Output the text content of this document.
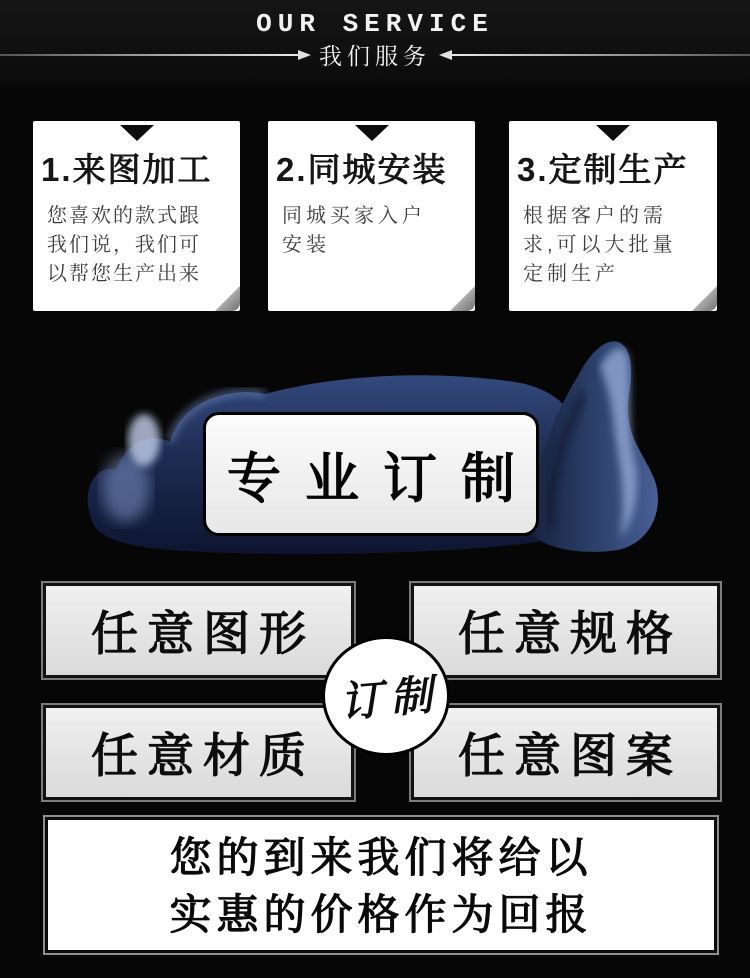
OUR SERVICE
我们服务
1.来图加工
您喜欢的款式跟我们说，我们可以帮您生产出来
2.同城安装
同城买家入户安装
3.定制生产
根据客户的需求,可以大批量定制生产
专业订制
任意图形	任意规格
任意材质	任意图案
订制
您的到来我们将给以
实惠的价格作为回报
